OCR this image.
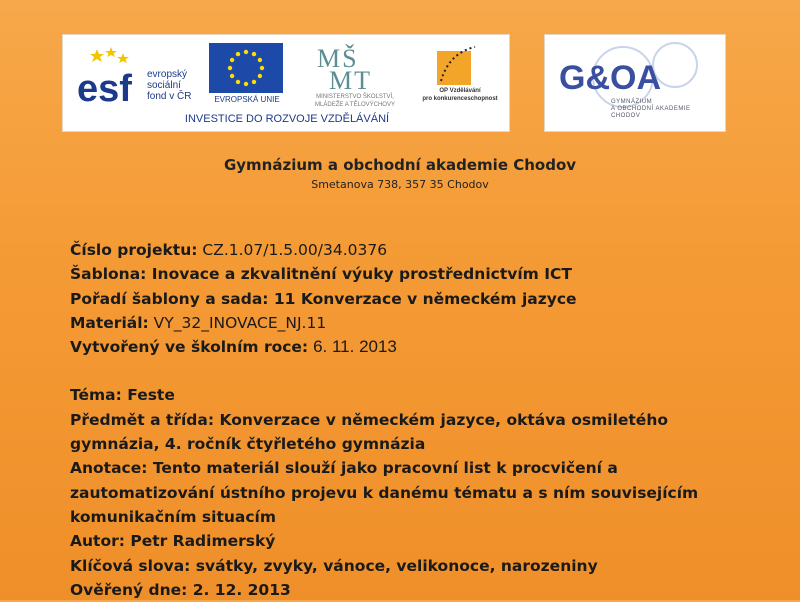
esf evropský
sociální
fond v ČR	EVROPSKÁ UNIE
MŠ
MT
MINISTERSTVO ŠKOLSTVÍ,
MLÁDEŽE A TĚLOVÝCHOVY
OP Vzdělávání
pro konkurenceschopnost
INVESTICE DO ROZVOJE VZDĚLÁVÁNÍ
G&OA
GYMNÁZIUM
A OBCHODNÍ AKADEMIE
CHODOV
Gymnázium a obchodní akademie Chodov
Smetanova 738, 357 35 Chodov
Číslo projektu: CZ.1.07/1.5.00/34.0376
Šablona: Inovace a zkvalitnění výuky prostřednictvím ICT
Pořadí šablony a sada: 11 Konverzace v německém jazyce
Materiál: VY_32_INOVACE_NJ.11
Vytvořený ve školním roce: 6. 11. 2013
Téma: Feste
Předmět a třída: Konverzace v německém jazyce, oktáva osmiletého
gymnázia, 4. ročník čtyřletého gymnázia
Anotace: Tento materiál slouží jako pracovní list k procvičení a
zautomatizování ústního projevu k danému tématu a s ním souvisejícím
komunikačním situacím
Autor: Petr Radimerský
Klíčová slova: svátky, zvyky, vánoce, velikonoce, narozeniny
Ověřený dne: 2. 12. 2013
